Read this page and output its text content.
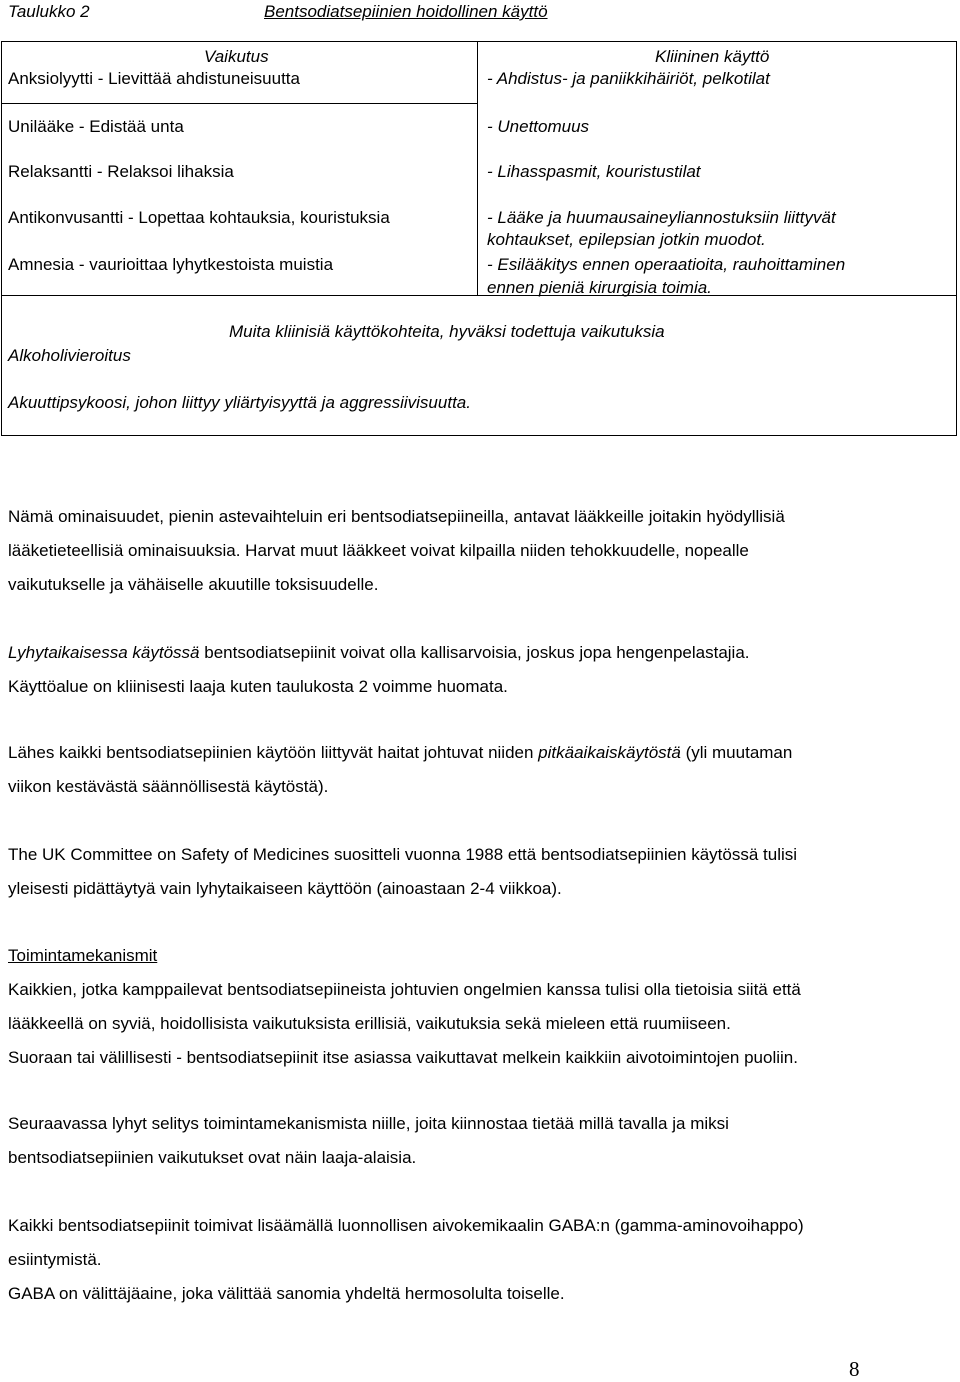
Taulukko 2	Bentsodiatsepiinien hoidollinen käyttö
Vaikutus	Kliininen käyttö
Anksiolyytti - Lievittää ahdistuneisuutta
Unilääke - Edistää unta
Relaksantti - Relaksoi lihaksia
Antikonvusantti - Lopettaa kohtauksia, kouristuksia
Amnesia - vaurioittaa lyhytkestoista muistia
- Ahdistus- ja paniikkihäiriöt, pelkotilat
- Unettomuus
- Lihasspasmit, kouristustilat
- Lääke ja huumausaineyliannostuksiin liittyvät
kohtaukset, epilepsian jotkin muodot.
- Esilääkitys ennen operaatioita, rauhoittaminen
ennen pieniä kirurgisia toimia.
Muita kliinisiä käyttökohteita, hyväksi todettuja vaikutuksia
Alkoholivieroitus
Akuuttipsykoosi, johon liittyy yliärtyisyyttä ja aggressiivisuutta.
Nämä ominaisuudet, pienin astevaihteluin eri bentsodiatsepiineilla, antavat lääkkeille joitakin hyödyllisiä
lääketieteellisiä ominaisuuksia. Harvat muut lääkkeet voivat kilpailla niiden tehokkuudelle, nopealle
vaikutukselle ja vähäiselle akuutille toksisuudelle.
Lyhytaikaisessa käytössä bentsodiatsepiinit voivat olla kallisarvoisia, joskus jopa hengenpelastajia.
Käyttöalue on kliinisesti laaja kuten taulukosta 2 voimme huomata.
Lähes kaikki bentsodiatsepiinien käytöön liittyvät haitat johtuvat niiden pitkäaikaiskäytöstä (yli muutaman
viikon kestävästä säännöllisestä käytöstä).
The UK Committee on Safety of Medicines suositteli vuonna 1988 että bentsodiatsepiinien käytössä tulisi
yleisesti pidättäytyä vain lyhytaikaiseen käyttöön (ainoastaan 2-4 viikkoa).
Toimintamekanismit
Kaikkien, jotka kamppailevat bentsodiatsepiineista johtuvien ongelmien kanssa tulisi olla tietoisia siitä että
lääkkeellä on syviä, hoidollisista vaikutuksista erillisiä, vaikutuksia sekä mieleen että ruumiiseen.
Suoraan tai välillisesti - bentsodiatsepiinit itse asiassa vaikuttavat melkein kaikkiin aivotoimintojen puoliin.
Seuraavassa lyhyt selitys toimintamekanismista niille, joita kiinnostaa tietää millä tavalla ja miksi
bentsodiatsepiinien vaikutukset ovat näin laaja-alaisia.
Kaikki bentsodiatsepiinit toimivat lisäämällä luonnollisen aivokemikaalin GABA:n (gamma-aminovoihappo)
esiintymistä.
GABA on välittäjäaine, joka välittää sanomia yhdeltä hermosolulta toiselle.
8
